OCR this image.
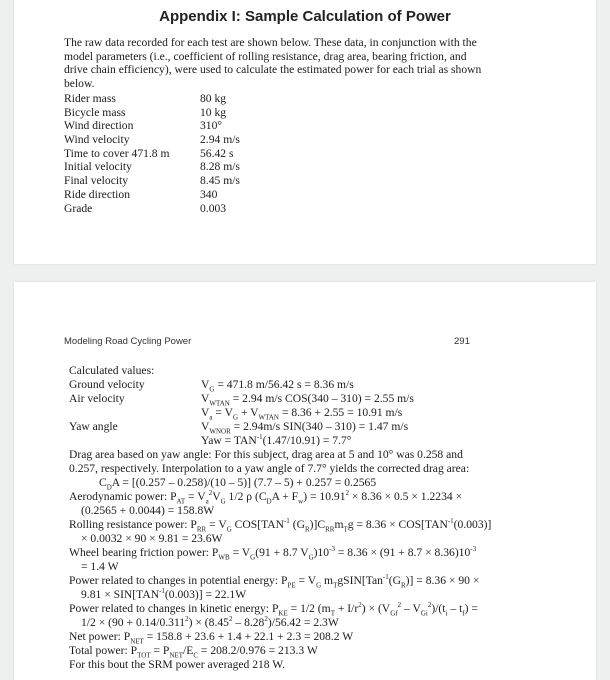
Appendix I: Sample Calculation of Power

The raw data recorded for each test are shown below. These data, in conjunction with the model parameters (i.e., coefficient of rolling resistance, drag area, bearing friction, and drive chain efficiency), were used to calculate the estimated power for each trial as shown below.

Rider mass	80 kg
Bicycle mass	10 kg
Wind direction	310°
Wind velocity	2.94 m/s
Time to cover 471.8 m	56.42 s
Initial velocity	8.28 m/s
Final velocity	8.45 m/s
Ride direction	340
Grade	0.003
Modeling Road Cycling Power	291
Calculated values:
Ground velocity	$V_G = 471.8$ m/56.42 s = 8.36 m/s
Air velocity	$V_{WTAN} = 2.94$ m/s COS(340 – 310) = 2.55 m/s
$V_a = V_G + V_{WTAN} = 8.36 + 2.55 = 10.91$ m/s
Yaw angle	$V_{WNOR} = 2.94m/s$ SIN(340 – 310) = 1.47 m/s
Yaw = $TAN^{-1}(1.47/10.91) = 7.7^\circ$
Drag area based on yaw angle: For this subject, drag area at 5 and 10° was 0.258 and
0.257, respectively. Interpolation to a yaw angle of 7.7° yields the corrected drag area:
$C_DA = [(0.257 - 0.258)/(10 - 5)]$ (7.7 – 5) + 0.257 = 0.2565
Aerodynamic power: $P_{AT} = V_a^2V_G$ 1/2 ρ $(C_DA + F_w) = 10.91^2 \times 8.36 \times 0.5 \times 1.2234$ ×
(0.2565 + 0.0044) = 158.8W
Rolling resistance power: $P_{RR} = V_G$ $COS[TAN^{-1}$ $(G_R)]C_{RR}m_Tg = 8.36 \times COS[TAN^{-1}(0.003)]$
× 0.0032 × 90 × 9.81 = 23.6W
Wheel bearing friction power: $P_{WB} = V_G(91 + 8.7$ $V_G)10^{-3} = 8.36 \times (91 + 8.7 \times 8.36)10^{-3}$
= 1.4 W
Power related to changes in potential energy: $P_{PE} = V_G$ $m_TgSIN[Tan^{-1}(G_R)] = 8.36 \times 90$ ×
$9.81 \times SIN[TAN^{-1}(0.003)] = 22.1W$
Power related to changes in kinetic energy: $P_{KE} = 1/2$ $(m_T + I/r^2) \times (V_{Gf}^2 - V_{Gi}^2)/(t_i - t_f)$ =
$1/2 \times (90 + 0.14/0.311^2) \times (8.45^2 - 8.28^2)/56.42 = 2.3W$
Net power: $P_{NET} = 158.8 + 23.6 + 1.4 + 22.1 + 2.3 = 208.2$ W
Total power: $P_{TOT} = P_{NET}/E_C = 208.2/0.976 = 213.3$ W
For this bout the SRM power averaged 218 W.
